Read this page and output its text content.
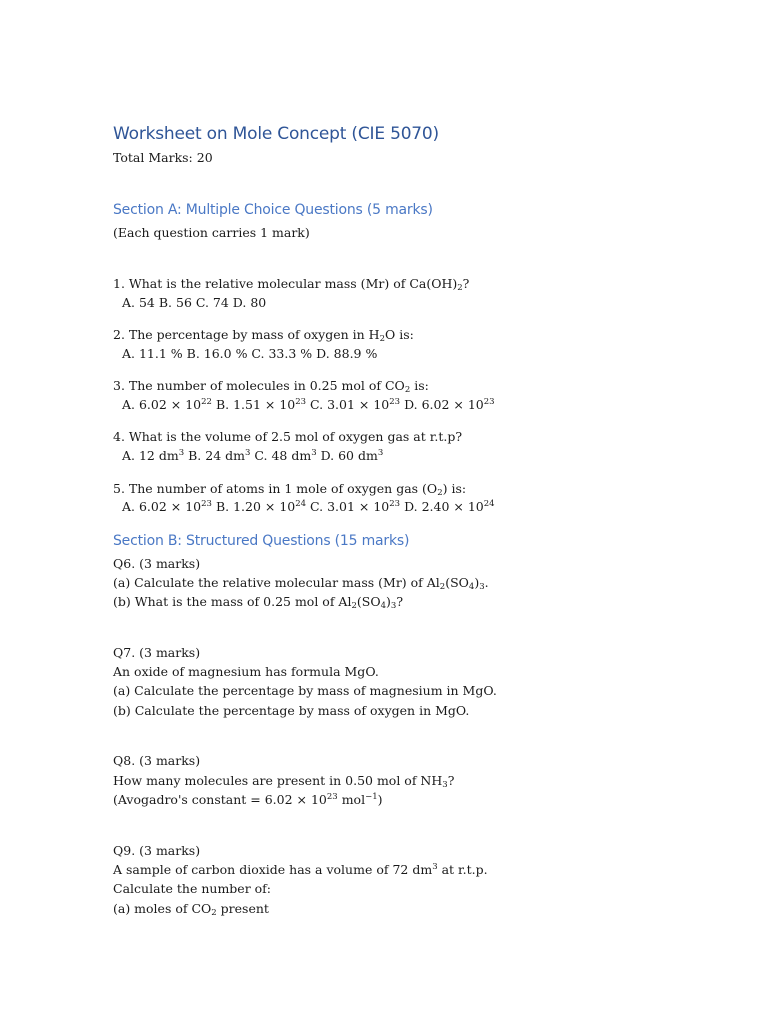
Worksheet on Mole Concept (CIE 5070)
Total Marks: 20
Section A: Multiple Choice Questions (5 marks)
(Each question carries 1 mark)
1. What is the relative molecular mass (Mr) of $Ca(OH)_2$?
A. 54 B. 56 C. 74 D. 80
2. The percentage by mass of oxygen in $H_2O$ is:
A. 11.1 % B. 16.0 % C. 33.3 % D. 88.9 %
3. The number of molecules in 0.25 mol of $CO_2$ is:
A. $6.02 \times 10^{22}$ B. $1.51 \times 10^{23}$ C. $3.01 \times 10^{23}$ D. $6.02 \times 10^{23}$
4. What is the volume of 2.5 mol of oxygen gas at r.t.p?
A. 12 $dm^3$ B. 24 $dm^3$ C. 48 $dm^3$ D. 60 $dm^3$
5. The number of atoms in 1 mole of oxygen gas $(O_2)$ is:
A. $6.02 \times 10^{23}$ B. $1.20 \times 10^{24}$ C. $3.01 \times 10^{23}$ D. $2.40 \times 10^{24}$
Section B: Structured Questions (15 marks)
Q6. (3 marks)
(a) Calculate the relative molecular mass (Mr) of $Al_2(SO_4)_3$.
(b) What is the mass of 0.25 mol of $Al_2(SO_4)_3$?
Q7. (3 marks)
An oxide of magnesium has formula MgO.
(a) Calculate the percentage by mass of magnesium in MgO.
(b) Calculate the percentage by mass of oxygen in MgO.
Q8. (3 marks)
How many molecules are present in 0.50 mol of $NH_3$?
(Avogadro's constant = $6.02 \times 10^{23}$ mol$^{-1}$)
Q9. (3 marks)
A sample of carbon dioxide has a volume of 72 $dm^3$ at r.t.p.
Calculate the number of:
(a) moles of $CO_2$ present
